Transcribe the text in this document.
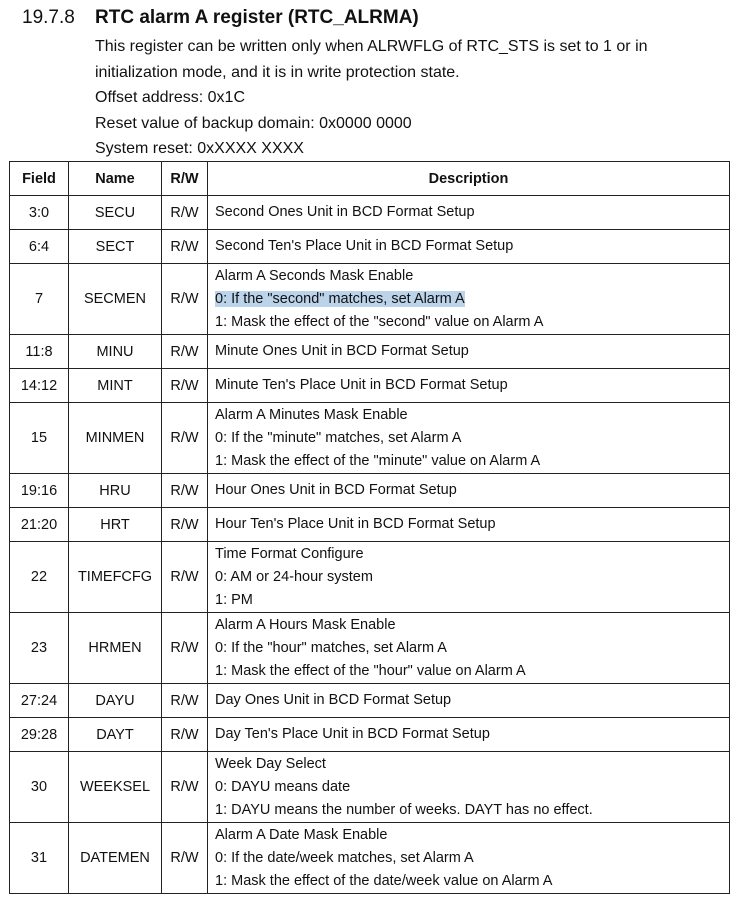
19.7.8 RTC alarm A register (RTC_ALRMA)

This register can be written only when ALRWFLG of RTC_STS is set to 1 or in

initialization mode, and it is in write protection state.

Offset address: 0x1C

Reset value of backup domain: 0x0000 0000

System reset: 0xXXXX XXXX

Field	Name	R/W	Description
3:0	SECU	R/W	Second Ones Unit in BCD Format Setup

6:4	SECT	R/W	Second Ten's Place Unit in BCD Format Setup

7	SECMEN	R/W	Alarm A Seconds Mask Enable
0: If the "second" matches, set Alarm A
1: Mask the effect of the "second" value on Alarm A

11:8	MINU	R/W	Minute Ones Unit in BCD Format Setup

14:12	MINT	R/W	Minute Ten's Place Unit in BCD Format Setup

15	MINMEN	R/W	Alarm A Minutes Mask Enable
0: If the "minute" matches, set Alarm A
1: Mask the effect of the "minute" value on Alarm A

19:16	HRU	R/W	Hour Ones Unit in BCD Format Setup

21:20	HRT	R/W	Hour Ten's Place Unit in BCD Format Setup

22	TIMEFCFG	R/W	Time Format Configure
0: AM or 24-hour system
1: PM

23	HRMEN	R/W	Alarm A Hours Mask Enable
0: If the "hour" matches, set Alarm A
1: Mask the effect of the "hour" value on Alarm A

27:24	DAYU	R/W	Day Ones Unit in BCD Format Setup

29:28	DAYT	R/W	Day Ten's Place Unit in BCD Format Setup

30	WEEKSEL	R/W	Week Day Select
0: DAYU means date
1: DAYU means the number of weeks. DAYT has no effect.

31	DATEMEN	R/W	Alarm A Date Mask Enable
0: If the date/week matches, set Alarm A
1: Mask the effect of the date/week value on Alarm A
